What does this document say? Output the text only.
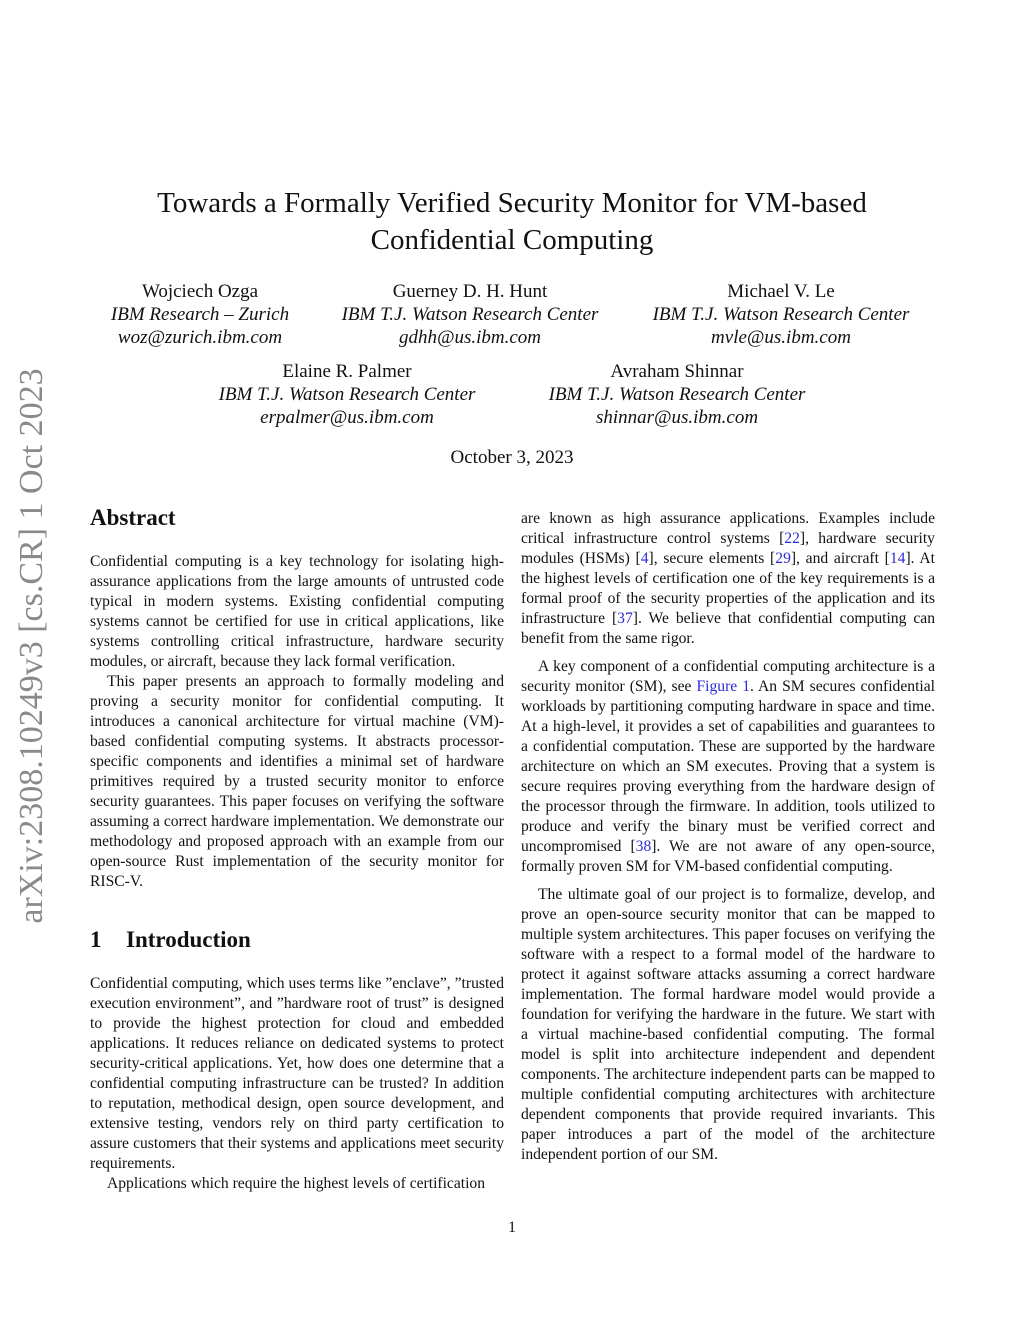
arXiv:2308.10249v3 [cs.CR] 1 Oct 2023
Towards a Formally Verified Security Monitor for VM-based Confidential Computing
Wojciech Ozga
IBM Research – Zurich
woz@zurich.ibm.com
Guerney D. H. Hunt
IBM T.J. Watson Research Center
gdhh@us.ibm.com
Michael V. Le
IBM T.J. Watson Research Center
mvle@us.ibm.com
Elaine R. Palmer
IBM T.J. Watson Research Center
erpalmer@us.ibm.com
Avraham Shinnar
IBM T.J. Watson Research Center
shinnar@us.ibm.com
October 3, 2023
Abstract

Confidential computing is a key technology for isolating high-assurance applications from the large amounts of untrusted code typical in modern systems. Existing confidential computing systems cannot be certified for use in critical applications, like systems controlling critical infrastructure, hardware security modules, or aircraft, because they lack formal verification.

This paper presents an approach to formally modeling and proving a security monitor for confidential computing. It introduces a canonical architecture for virtual machine (VM)-based confidential computing systems. It abstracts processor-specific components and identifies a minimal set of hardware primitives required by a trusted security monitor to enforce security guarantees. This paper focuses on verifying the software assuming a correct hardware implementation. We demonstrate our methodology and proposed approach with an example from our open-source Rust implementation of the security monitor for RISC-V.

1 Introduction

Confidential computing, which uses terms like ”enclave”, ”trusted execution environment”, and ”hardware root of trust” is designed to provide the highest protection for cloud and embedded applications. It reduces reliance on dedicated systems to protect security-critical applications. Yet, how does one determine that a confidential computing infrastructure can be trusted? In addition to reputation, methodical design, open source development, and extensive testing, vendors rely on third party certification to assure customers that their systems and applications meet security requirements.

Applications which require the highest levels of certification

are known as high assurance applications. Examples include critical infrastructure control systems [22], hardware security modules (HSMs) [4], secure elements [29], and aircraft [14]. At the highest levels of certification one of the key requirements is a formal proof of the security properties of the application and its infrastructure [37]. We believe that confidential computing can benefit from the same rigor.

A key component of a confidential computing architecture is a security monitor (SM), see Figure 1. An SM secures confidential workloads by partitioning computing hardware in space and time. At a high-level, it provides a set of capabilities and guarantees to a confidential computation. These are supported by the hardware architecture on which an SM executes. Proving that a system is secure requires proving everything from the hardware design of the processor through the firmware. In addition, tools utilized to produce and verify the binary must be verified correct and uncompromised [38]. We are not aware of any open-source, formally proven SM for VM-based confidential computing.

The ultimate goal of our project is to formalize, develop, and prove an open-source security monitor that can be mapped to multiple system architectures. This paper focuses on verifying the software with a respect to a formal model of the hardware to protect it against software attacks assuming a correct hardware implementation. The formal hardware model would provide a foundation for verifying the hardware in the future. We start with a virtual machine-based confidential computing. The formal model is split into architecture independent and dependent components. The architecture independent parts can be mapped to multiple confidential computing architectures with architecture dependent components that provide required invariants. This paper introduces a part of the model of the architecture independent portion of our SM.

1
